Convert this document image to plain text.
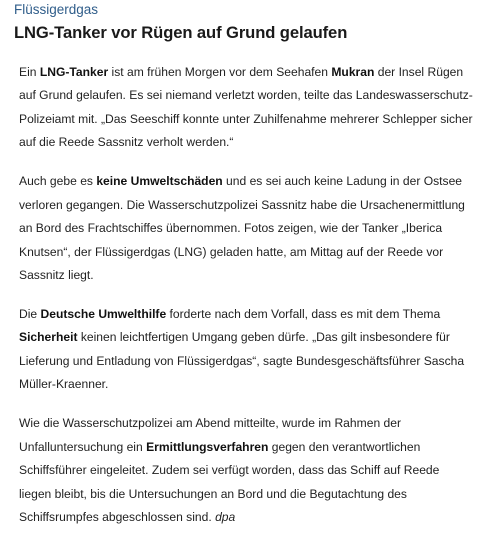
Flüssigerdgas
LNG-Tanker vor Rügen auf Grund gelaufen

Ein LNG-Tanker ist am frühen Morgen vor dem Seehafen Mukran der Insel Rügen auf Grund gelaufen. Es sei niemand verletzt worden, teilte das Landeswasserschutz-Polizeiamt mit. „Das Seeschiff konnte unter Zuhilfenahme mehrerer Schlepper sicher auf die Reede Sassnitz verholt werden.“

Auch gebe es keine Umweltschäden und es sei auch keine Ladung in der Ostsee verloren gegangen. Die Wasserschutzpolizei Sassnitz habe die Ursachenermittlung an Bord des Frachtschiffes übernommen. Fotos zeigen, wie der Tanker „Iberica Knutsen“, der Flüssigerdgas (LNG) geladen hatte, am Mittag auf der Reede vor Sassnitz liegt.

Die Deutsche Umwelthilfe forderte nach dem Vorfall, dass es mit dem Thema Sicherheit keinen leichtfertigen Umgang geben dürfe. „Das gilt insbesondere für Lieferung und Entladung von Flüssigerdgas“, sagte Bundesgeschäftsführer Sascha Müller-Kraenner.

Wie die Wasserschutzpolizei am Abend mitteilte, wurde im Rahmen der Unfalluntersuchung ein Ermittlungsverfahren gegen den verantwortlichen Schiffsführer eingeleitet. Zudem sei verfügt worden, dass das Schiff auf Reede liegen bleibt, bis die Untersuchungen an Bord und die Begutachtung des Schiffsrumpfes abgeschlossen sind. dpa
